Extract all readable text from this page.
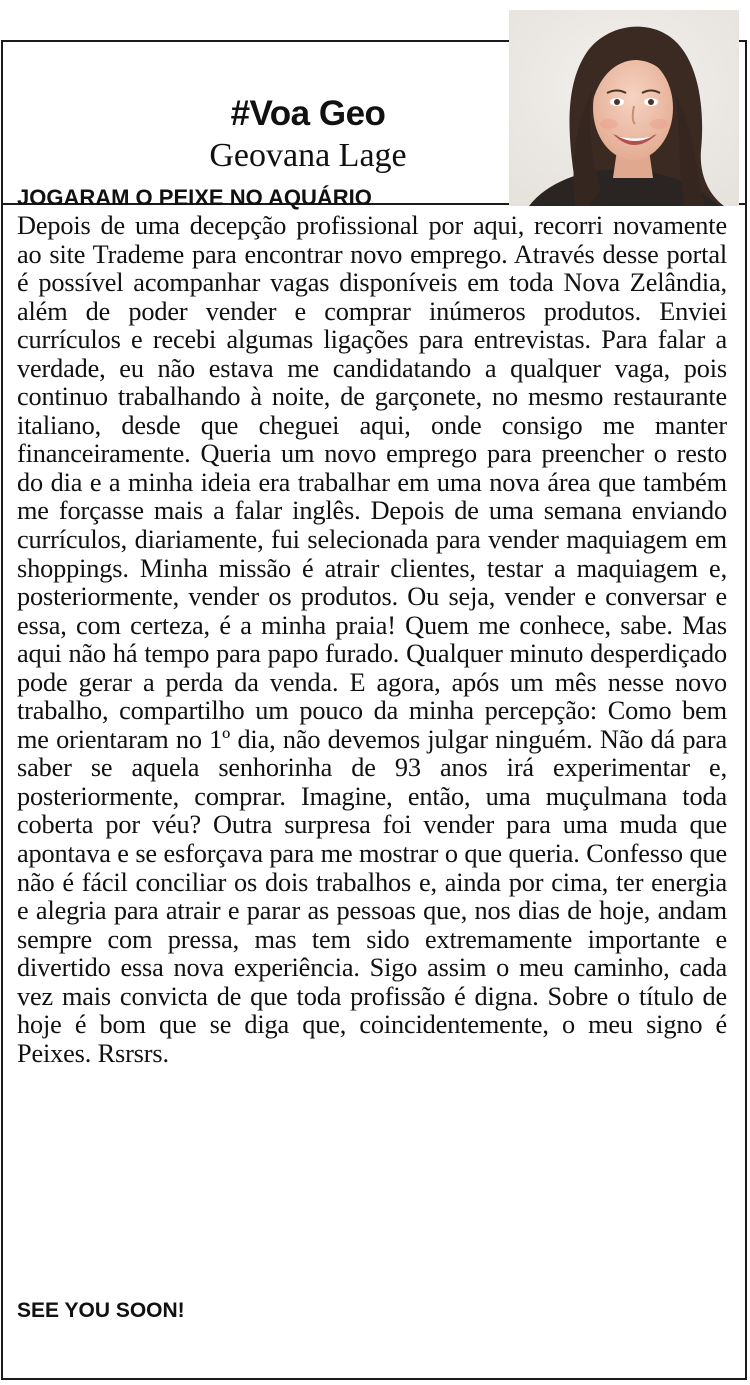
#Voa Geo
Geovana Lage
JOGARAM O PEIXE NO AQUÁRIO

Depois de uma decepção profissional por aqui, recorri novamente ao site Trademe para encontrar novo emprego. Através desse portal é possível acompanhar vagas disponíveis em toda Nova Zelândia, além de poder vender e comprar inúmeros produtos. Enviei currículos e recebi algumas ligações para entrevistas. Para falar a verdade, eu não estava me candidatando a qualquer vaga, pois continuo trabalhando à noite, de garçonete, no mesmo restaurante italiano, desde que cheguei aqui, onde consigo me manter financeiramente. Queria um novo emprego para preencher o resto do dia e a minha ideia era trabalhar em uma nova área que também me forçasse mais a falar inglês. Depois de uma semana enviando currículos, diariamente, fui selecionada para vender maquiagem em shoppings. Minha missão é atrair clientes, testar a maquiagem e, posteriormente, vender os produtos. Ou seja, vender e conversar e essa, com certeza, é a minha praia! Quem me conhece, sabe. Mas aqui não há tempo para papo furado. Qualquer minuto desperdiçado pode gerar a perda da venda. E agora, após um mês nesse novo trabalho, compartilho um pouco da minha percepção: Como bem me orientaram no 1º dia, não devemos julgar ninguém. Não dá para saber se aquela senhorinha de 93 anos irá experimentar e, posteriormente, comprar. Imagine, então, uma muçulmana toda coberta por véu? Outra surpresa foi vender para uma muda que apontava e se esforçava para me mostrar o que queria. Confesso que não é fácil conciliar os dois trabalhos e, ainda por cima, ter energia e alegria para atrair e parar as pessoas que, nos dias de hoje, andam sempre com pressa, mas tem sido extremamente importante e divertido essa nova experiência. Sigo assim o meu caminho, cada vez mais convicta de que toda profissão é digna. Sobre o título de hoje é bom que se diga que, coincidentemente, o meu signo é Peixes. Rsrsrs.

SEE YOU SOON!
